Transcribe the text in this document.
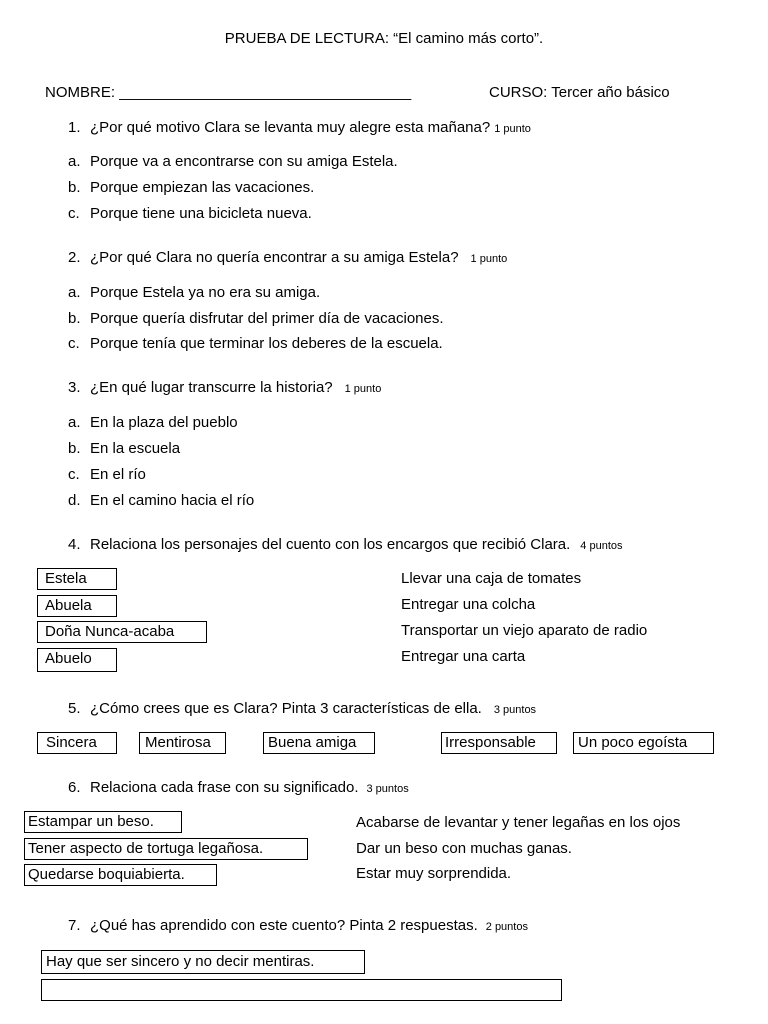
PRUEBA DE LECTURA: “El camino más corto”.
NOMBRE: ___________________________________	CURSO: Tercer año básico
1. ¿Por qué motivo Clara se levanta muy alegre esta mañana? 1 punto
a. Porque va a encontrarse con su amiga Estela.
b. Porque empiezan las vacaciones.
c. Porque tiene una bicicleta nueva.
2. ¿Por qué Clara no quería encontrar a su amiga Estela? 1 punto
a. Porque Estela ya no era su amiga.
b. Porque quería disfrutar del primer día de vacaciones.
c. Porque tenía que terminar los deberes de la escuela.
3. ¿En qué lugar transcurre la historia? 1 punto
a. En la plaza del pueblo
b. En la escuela
c. En el río
d. En el camino hacia el río
4. Relaciona los personajes del cuento con los encargos que recibió Clara. 4 puntos
Estela
Abuela
Doña Nunca-acaba
Abuelo
Llevar una caja de tomates
Entregar una colcha
Transportar un viejo aparato de radio
Entregar una carta
5. ¿Cómo crees que es Clara? Pinta 3 características de ella. 3 puntos
Sincera	Mentirosa	Buena amiga	Irresponsable	Un poco egoísta
6. Relaciona cada frase con su significado. 3 puntos
Estampar un beso.
Tener aspecto de tortuga legañosa.
Quedarse boquiabierta.
Acabarse de levantar y tener legañas en los ojos
Dar un beso con muchas ganas.
Estar muy sorprendida.
7. ¿Qué has aprendido con este cuento? Pinta 2 respuestas. 2 puntos
Hay que ser sincero y no decir mentiras.
